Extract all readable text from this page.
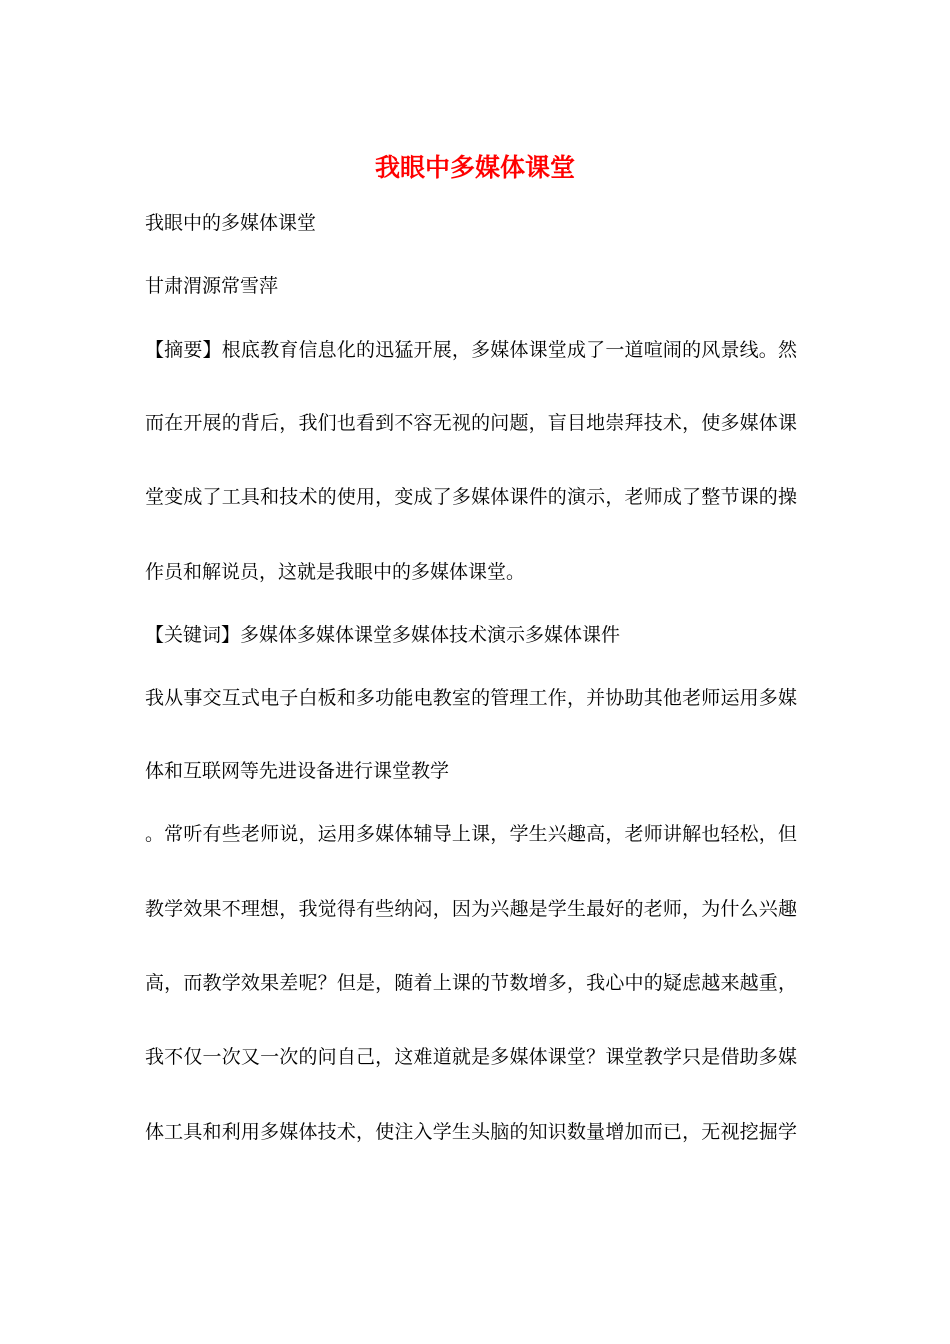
我眼中多媒体课堂
我眼中的多媒体课堂
甘肃渭源常雪萍
【摘要】根底教育信息化的迅猛开展，多媒体课堂成了一道喧闹的风景线。然
而在开展的背后，我们也看到不容无视的问题，盲目地崇拜技术，使多媒体课
堂变成了工具和技术的使用，变成了多媒体课件的演示，老师成了整节课的操
作员和解说员，这就是我眼中的多媒体课堂。
【关键词】多媒体多媒体课堂多媒体技术演示多媒体课件
我从事交互式电子白板和多功能电教室的管理工作，并协助其他老师运用多媒
体和互联网等先进设备进行课堂教学
。常听有些老师说，运用多媒体辅导上课，学生兴趣高，老师讲解也轻松，但
教学效果不理想，我觉得有些纳闷，因为兴趣是学生最好的老师，为什么兴趣
高，而教学效果差呢？但是，随着上课的节数增多，我心中的疑虑越来越重，
我不仅一次又一次的问自己，这难道就是多媒体课堂？课堂教学只是借助多媒
体工具和利用多媒体技术，使注入学生头脑的知识数量增加而已，无视挖掘学
